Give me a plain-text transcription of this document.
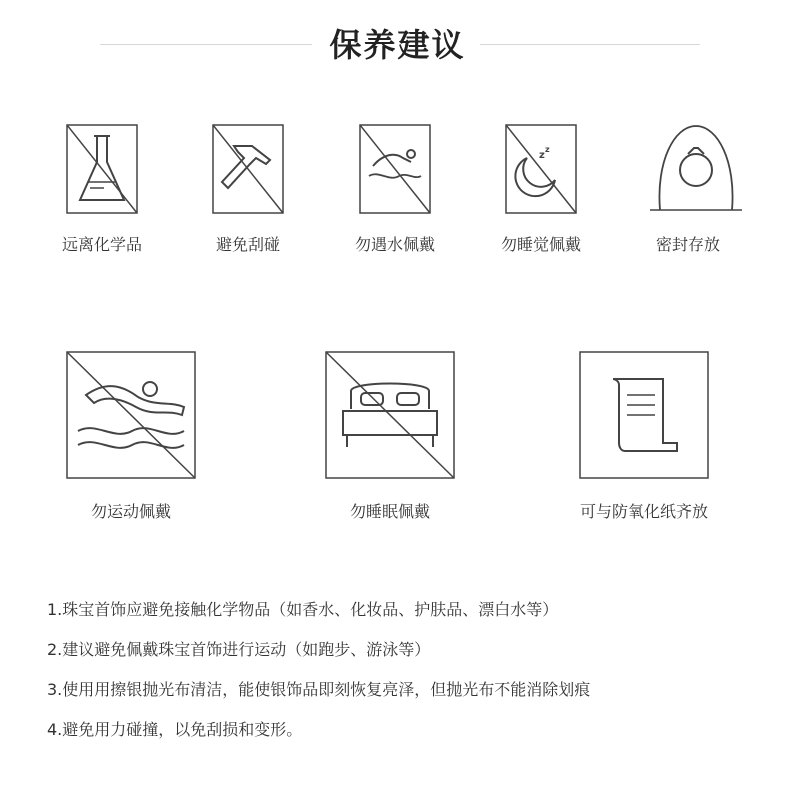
保养建议
远离化学品	避免刮碰	勿遇水佩戴
z
z
勿睡觉佩戴	密封存放
勿运动佩戴	勿睡眠佩戴	可与防氧化纸齐放
1.珠宝首饰应避免接触化学物品（如香水、化妆品、护肤品、漂白水等）
2.建议避免佩戴珠宝首饰进行运动（如跑步、游泳等）
3.使用用擦银抛光布清洁，能使银饰品即刻恢复亮泽，但抛光布不能消除划痕
4.避免用力碰撞，以免刮损和变形。
